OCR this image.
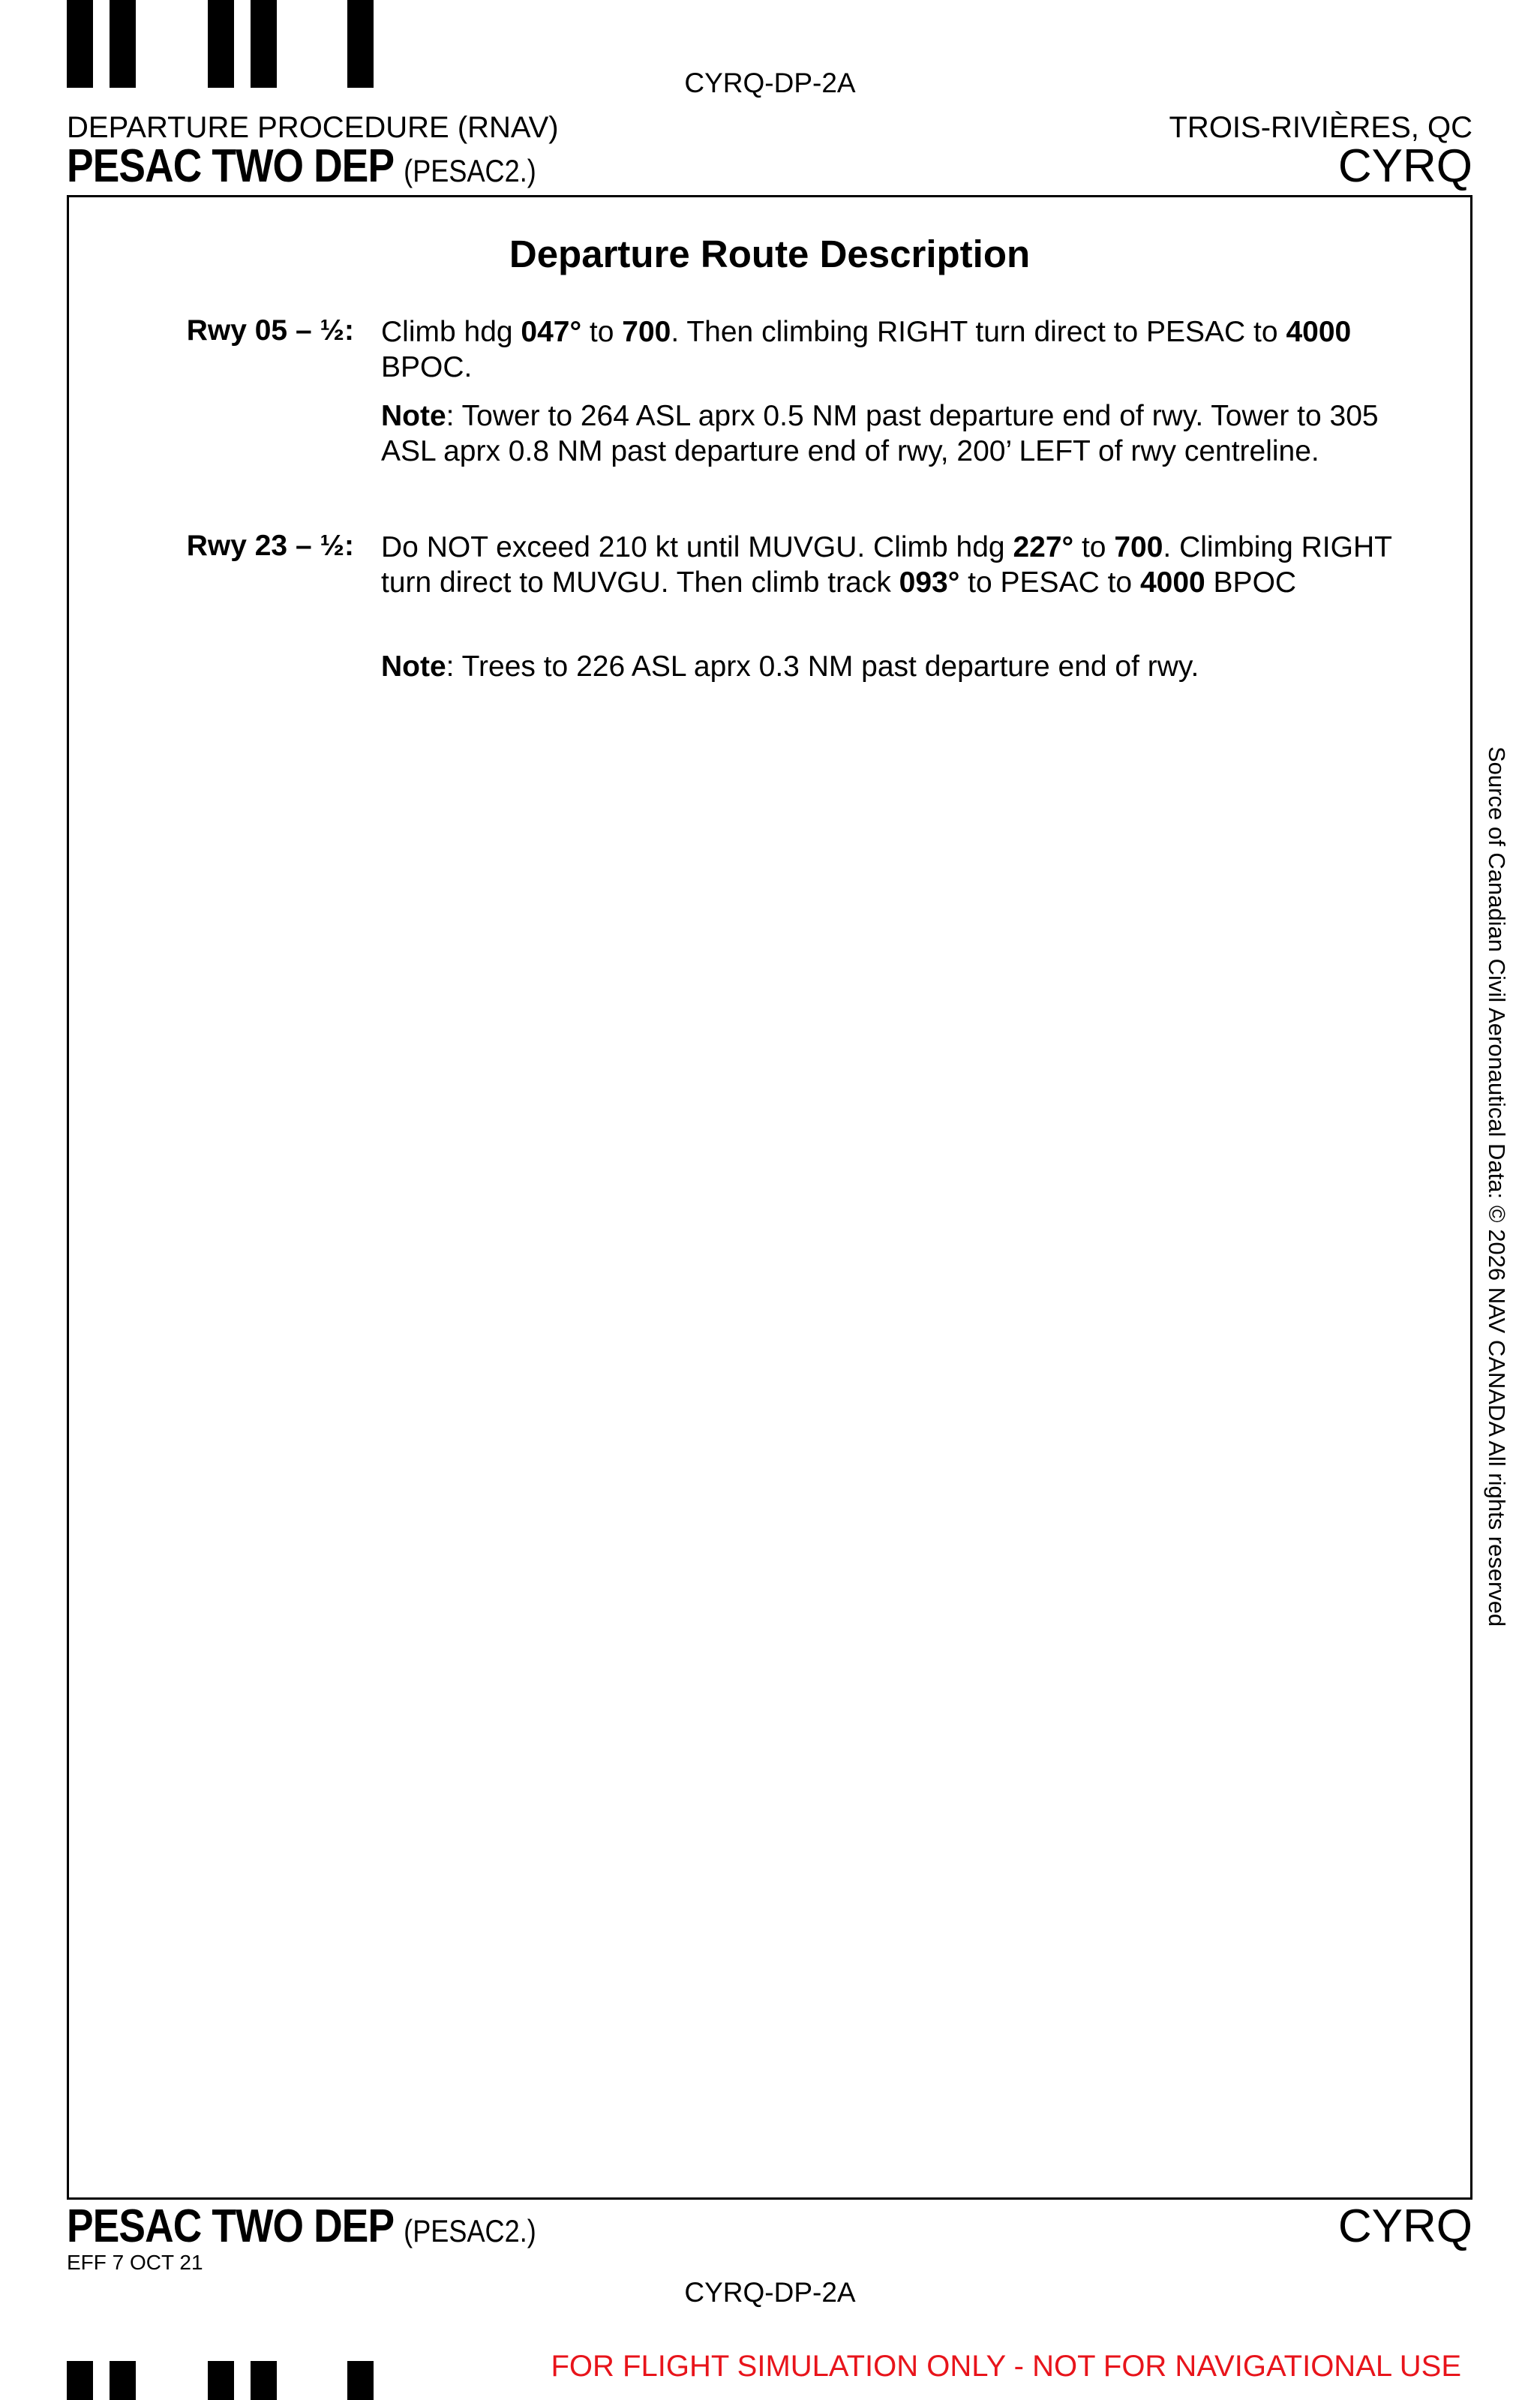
CYRQ-DP-2A
DEPARTURE PROCEDURE (RNAV)	TROIS-RIVIÈRES, QC
PESAC TWO DEP (PESAC2.)	CYRQ
Departure Route Description
Rwy 05 – ½: Climb hdg 047° to 700. Then climbing RIGHT turn direct to PESAC to 4000 BPOC.
Note: Tower to 264 ASL aprx 0.5 NM past departure end of rwy. Tower to 305 ASL aprx 0.8 NM past departure end of rwy, 200’ LEFT of rwy centreline.
Rwy 23 – ½: Do NOT exceed 210 kt until MUVGU. Climb hdg 227° to 700. Climbing RIGHT turn direct to MUVGU. Then climb track 093° to PESAC to 4000 BPOC
Note: Trees to 226 ASL aprx 0.3 NM past departure end of rwy.
Source of Canadian Civil Aeronautical Data: © 2026 NAV CANADA All rights reserved
PESAC TWO DEP (PESAC2.)	CYRQ
EFF 7 OCT 21
CYRQ-DP-2A
FOR FLIGHT SIMULATION ONLY - NOT FOR NAVIGATIONAL USE
